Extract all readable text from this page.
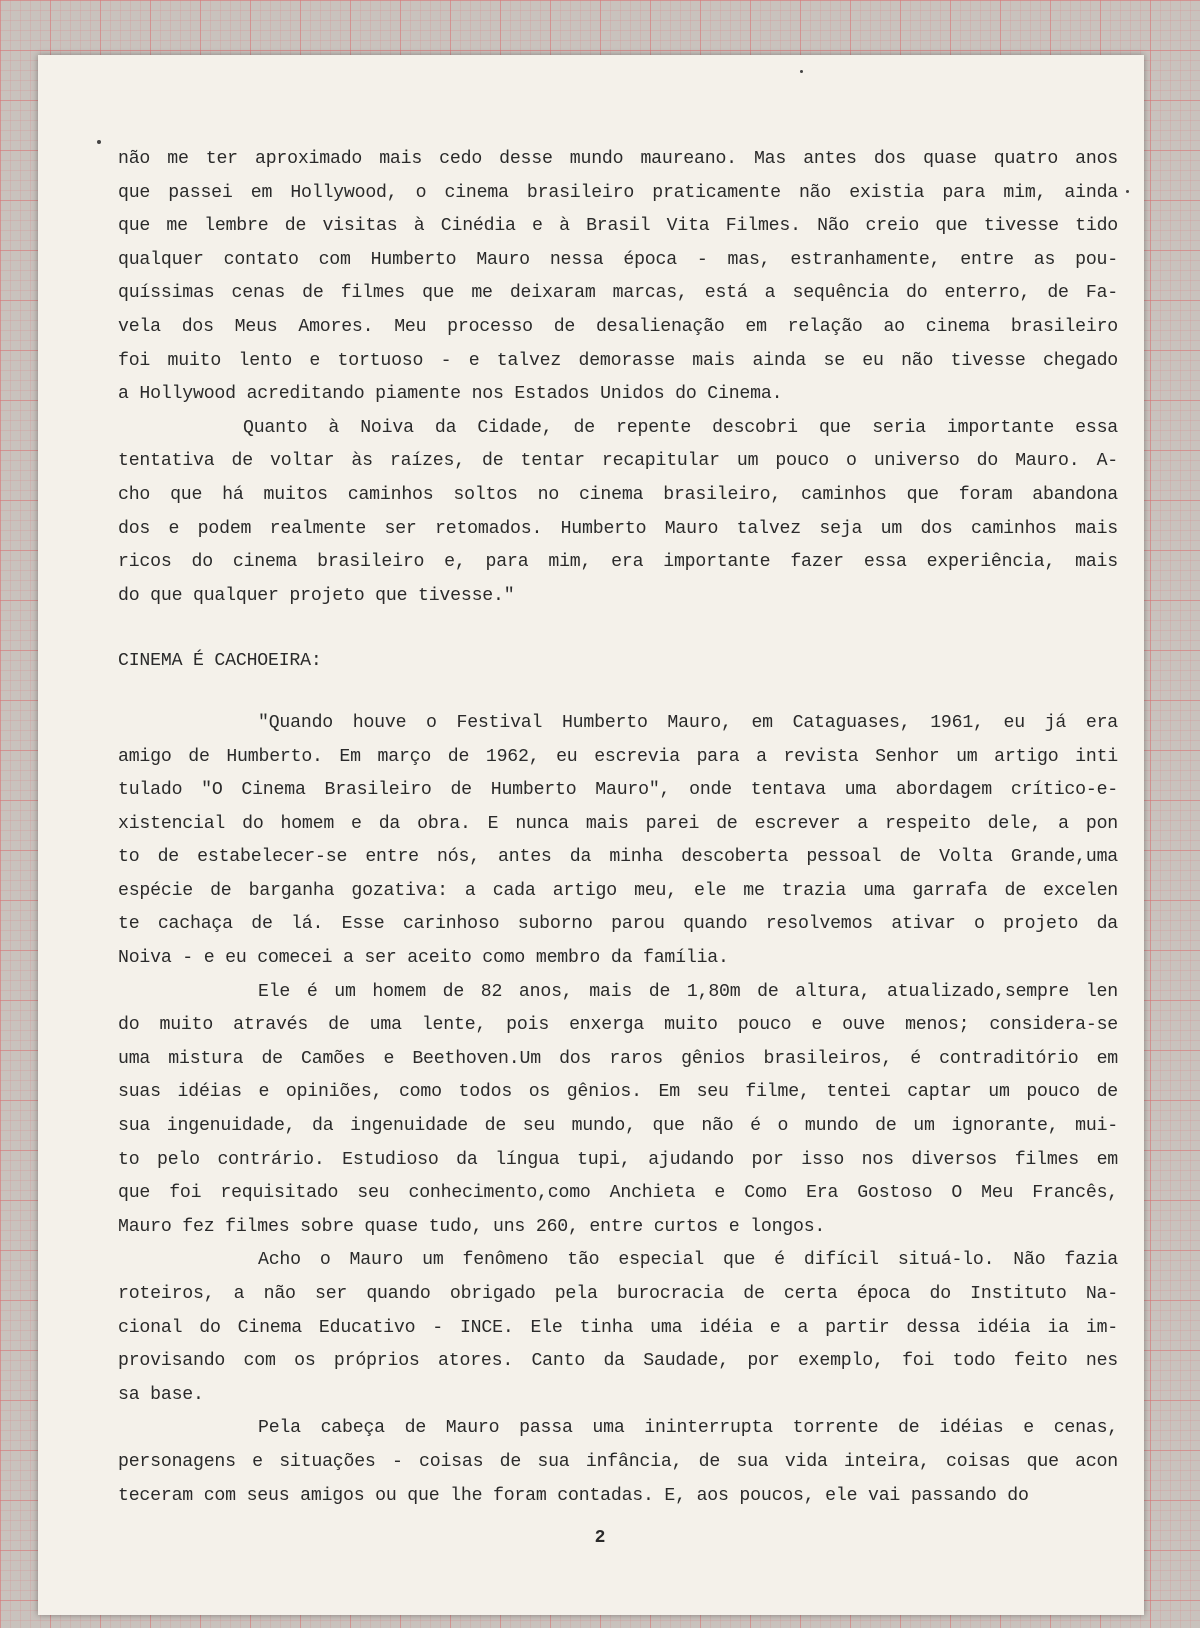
não me ter aproximado mais cedo desse mundo maureano. Mas antes dos quase quatro anos
que passei em Hollywood, o cinema brasileiro praticamente não existia para mim, ainda
que me lembre de visitas à Cinédia e à Brasil Vita Filmes. Não creio que tivesse tido
qualquer contato com Humberto Mauro nessa época - mas, estranhamente, entre as pou-
quíssimas cenas de filmes que me deixaram marcas, está a sequência do enterro, de Fa-
vela dos Meus Amores. Meu processo de desalienação em relação ao cinema brasileiro
foi muito lento e tortuoso - e talvez demorasse mais ainda se eu não tivesse chegado
a Hollywood acreditando piamente nos Estados Unidos do Cinema.
Quanto à Noiva da Cidade, de repente descobri que seria importante essa
tentativa de voltar às raízes, de tentar recapitular um pouco o universo do Mauro. A-
cho que há muitos caminhos soltos no cinema brasileiro, caminhos que foram abandona
dos e podem realmente ser retomados. Humberto Mauro talvez seja um dos caminhos mais
ricos do cinema brasileiro e, para mim, era importante fazer essa experiência, mais
do que qualquer projeto que tivesse."
CINEMA É CACHOEIRA:
"Quando houve o Festival Humberto Mauro, em Cataguases, 1961, eu já era
amigo de Humberto. Em março de 1962, eu escrevia para a revista Senhor um artigo inti
tulado "O Cinema Brasileiro de Humberto Mauro", onde tentava uma abordagem crítico-e-
xistencial do homem e da obra. E nunca mais parei de escrever a respeito dele, a pon
to de estabelecer-se entre nós, antes da minha descoberta pessoal de Volta Grande,uma
espécie de barganha gozativa: a cada artigo meu, ele me trazia uma garrafa de excelen
te cachaça de lá. Esse carinhoso suborno parou quando resolvemos ativar o projeto da
Noiva - e eu comecei a ser aceito como membro da família.
Ele é um homem de 82 anos, mais de 1,80m de altura, atualizado,sempre len
do muito através de uma lente, pois enxerga muito pouco e ouve menos; considera-se
uma mistura de Camões e Beethoven.Um dos raros gênios brasileiros, é contraditório em
suas idéias e opiniões, como todos os gênios. Em seu filme, tentei captar um pouco de
sua ingenuidade, da ingenuidade de seu mundo, que não é o mundo de um ignorante, mui-
to pelo contrário. Estudioso da língua tupi, ajudando por isso nos diversos filmes em
que foi requisitado seu conhecimento,como Anchieta e Como Era Gostoso O Meu Francês,
Mauro fez filmes sobre quase tudo, uns 260, entre curtos e longos.
Acho o Mauro um fenômeno tão especial que é difícil situá-lo. Não fazia
roteiros, a não ser quando obrigado pela burocracia de certa época do Instituto Na-
cional do Cinema Educativo - INCE. Ele tinha uma idéia e a partir dessa idéia ia im-
provisando com os próprios atores. Canto da Saudade, por exemplo, foi todo feito nes
sa base.
Pela cabeça de Mauro passa uma ininterrupta torrente de idéias e cenas,
personagens e situações - coisas de sua infância, de sua vida inteira, coisas que acon
teceram com seus amigos ou que lhe foram contadas. E, aos poucos, ele vai passando do
2
